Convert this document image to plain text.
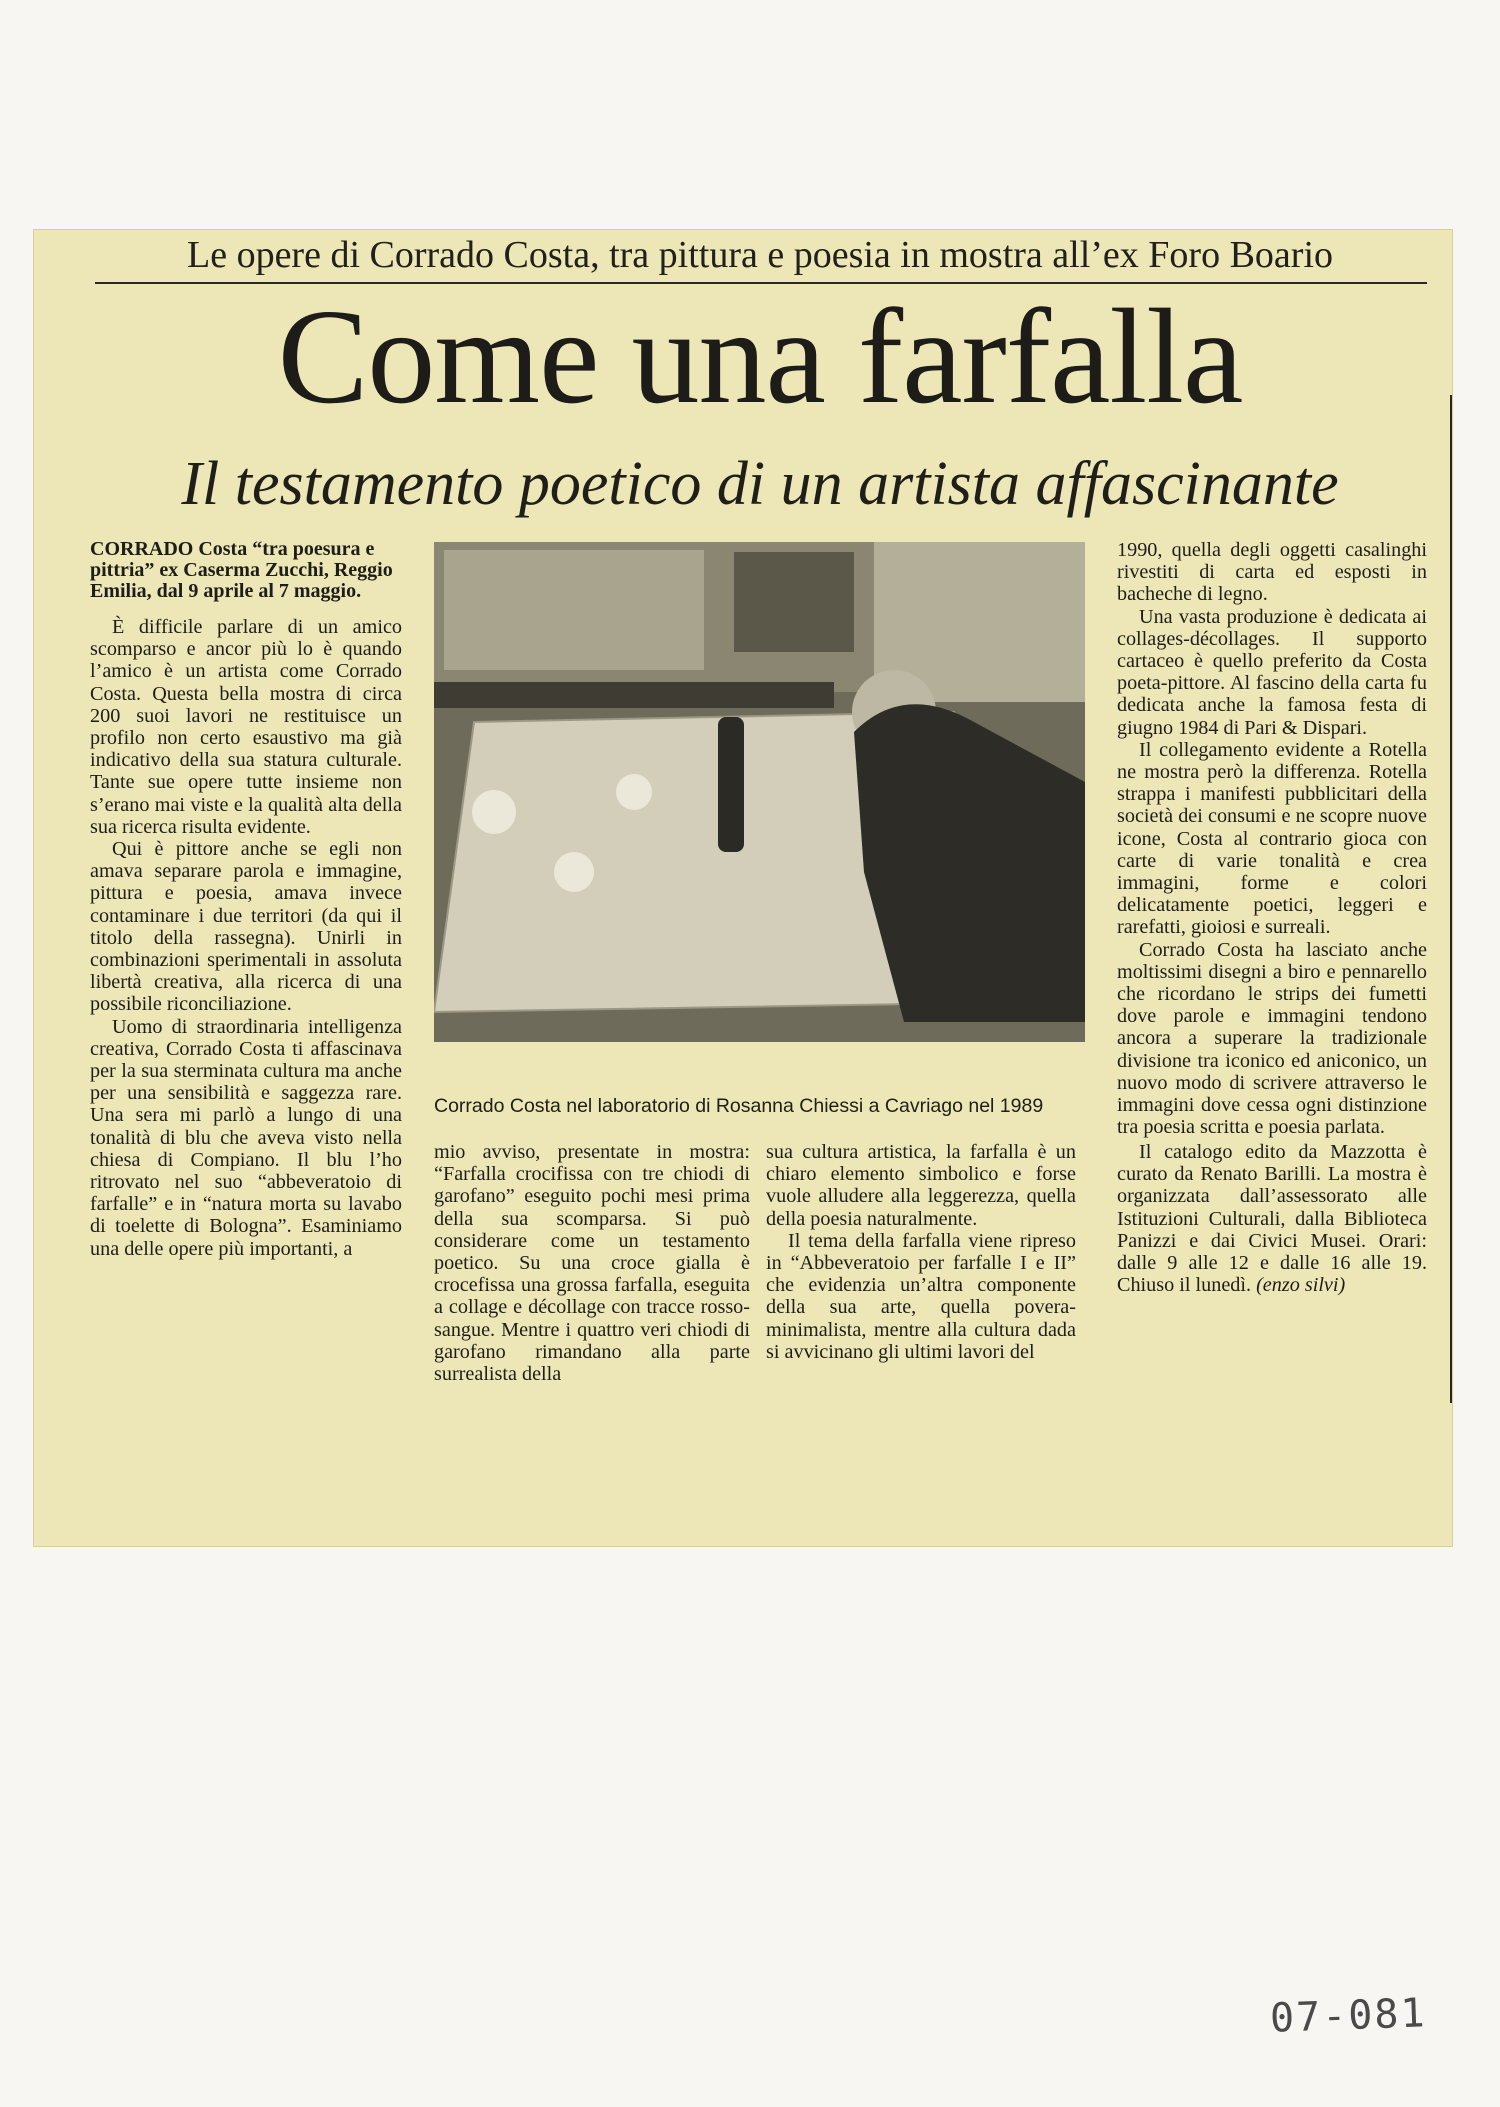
Le opere di Corrado Costa, tra pittura e poesia in mostra all’ex Foro Boario
Come una farfalla
Il testamento poetico di un artista affascinante

CORRADO Costa “tra poesura e pittria” ex Caserma Zucchi, Reggio Emilia, dal 9 aprile al 7 maggio.

È difficile parlare di un amico scomparso e ancor più lo è quando l’amico è un artista come Corrado Costa. Questa bella mostra di circa 200 suoi lavori ne restituisce un profilo non certo esaustivo ma già indicativo della sua statura culturale. Tante sue opere tutte insieme non s’erano mai viste e la qualità alta della sua ricerca risulta evidente.

Qui è pittore anche se egli non amava separare parola e immagine, pittura e poesia, amava invece contaminare i due territori (da qui il titolo della rassegna). Unirli in combinazioni sperimentali in assoluta libertà creativa, alla ricerca di una possibile riconciliazione.

Uomo di straordinaria intelligenza creativa, Corrado Costa ti affascinava per la sua sterminata cultura ma anche per una sensibilità e saggezza rare. Una sera mi parlò a lungo di una tonalità di blu che aveva visto nella chiesa di Compiano. Il blu l’ho ritrovato nel suo “abbeveratoio di farfalle” e in “natura morta su lavabo di toelette di Bologna”. Esaminiamo una delle opere più importanti, a

Corrado Costa nel laboratorio di Rosanna Chiessi a Cavriago nel 1989

1990, quella degli oggetti casalinghi rivestiti di carta ed esposti in bacheche di legno.

Una vasta produzione è dedicata ai collages-décollages. Il supporto cartaceo è quello preferito da Costa poeta-pittore. Al fascino della carta fu dedicata anche la famosa festa di giugno 1984 di Pari & Dispari.

Il collegamento evidente a Rotella ne mostra però la differenza. Rotella strappa i manifesti pubblicitari della società dei consumi e ne scopre nuove icone, Costa al contrario gioca con carte di varie tonalità e crea immagini, forme e colori delicatamente poetici, leggeri e rarefatti, gioiosi e surreali.

Corrado Costa ha lasciato anche moltissimi disegni a biro e pennarello che ricordano le strips dei fumetti dove parole e immagini tendono ancora a superare la tradizionale divisione tra iconico ed aniconico, un nuovo modo di scrivere attraverso le immagini dove cessa ogni distinzione tra poesia scritta e poesia parlata.

mio avviso, presentate in mostra: “Farfalla crocifissa con tre chiodi di garofano” eseguito pochi mesi prima della sua scomparsa. Si può considerare come un testamento poetico. Su una croce gialla è crocefissa una grossa farfalla, eseguita a collage e décollage con tracce rosso-sangue. Mentre i quattro veri chiodi di garofano rimandano alla parte surrealista della

sua cultura artistica, la farfalla è un chiaro elemento simbolico e forse vuole alludere alla leggerezza, quella della poesia naturalmente.

Il tema della farfalla viene ripreso in “Abbeveratoio per farfalle I e II” che evidenzia un’altra componente della sua arte, quella povera-minimalista, mentre alla cultura dada si avvicinano gli ultimi lavori del

Il catalogo edito da Mazzotta è curato da Renato Barilli. La mostra è organizzata dall’assessorato alle Istituzioni Culturali, dalla Biblioteca Panizzi e dai Civici Musei. Orari: dalle 9 alle 12 e dalle 16 alle 19. Chiuso il lunedì. (enzo silvi)

07-081
